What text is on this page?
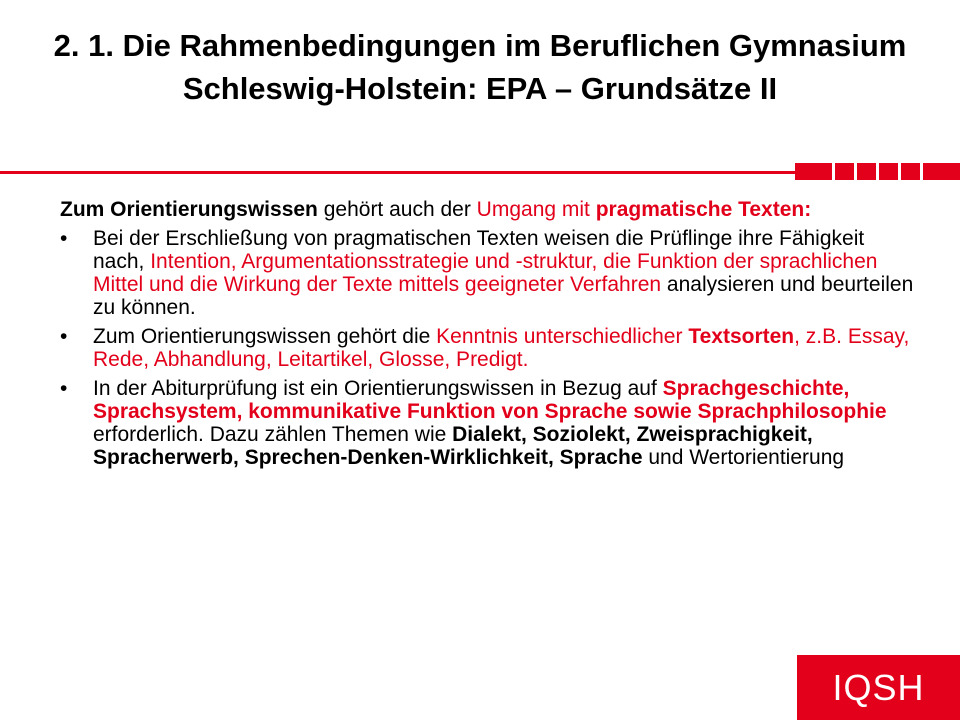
2. 1. Die Rahmenbedingungen im Beruflichen Gymnasium Schleswig-Holstein: EPA – Grundsätze II

Zum Orientierungswissen gehört auch der Umgang mit pragmatische Texten:

• Bei der Erschließung von pragmatischen Texten weisen die Prüflinge ihre Fähigkeit nach, Intention, Argumentationsstrategie und -struktur, die Funktion der sprachlichen Mittel und die Wirkung der Texte mittels geeigneter Verfahren analysieren und beurteilen zu können.
• Zum Orientierungswissen gehört die Kenntnis unterschiedlicher Textsorten, z.B. Essay, Rede, Abhandlung, Leitartikel, Glosse, Predigt.
• In der Abiturprüfung ist ein Orientierungswissen in Bezug auf Sprachgeschichte, Sprachsystem, kommunikative Funktion von Sprache sowie Sprachphilosophie erforderlich. Dazu zählen Themen wie Dialekt, Soziolekt, Zweisprachigkeit, Spracherwerb, Sprechen-Denken-Wirklichkeit, Sprache und Wertorientierung
IQSH
